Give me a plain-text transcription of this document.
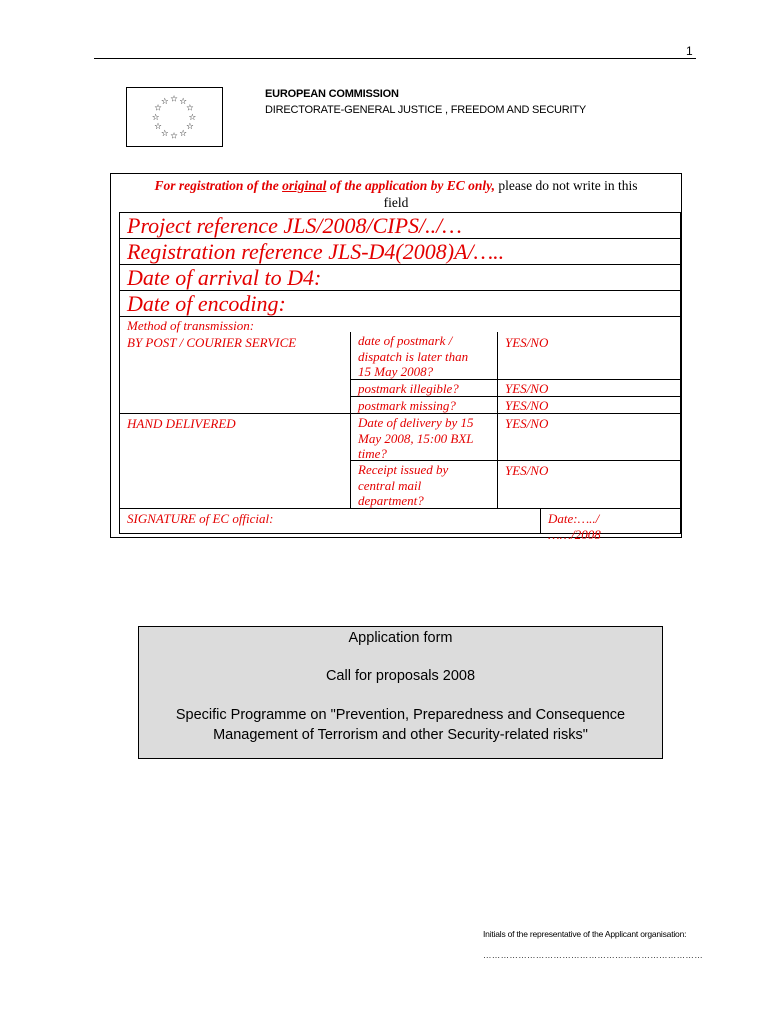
1
☆ ☆
☆
☆
☆
☆
☆
☆
☆
☆
☆
☆
EUROPEAN COMMISSION
DIRECTORATE-GENERAL JUSTICE , FREEDOM AND SECURITY
For registration of the original of the application by EC only, please do not write in this
field
Project reference JLS/2008/CIPS/../…
Registration reference JLS-D4(2008)A/…..
Date of arrival to D4:
Date of encoding:
Method of transmission:
BY POST / COURIER SERVICE
HAND DELIVERED
date of postmark /
dispatch is later than
15 May 2008?
postmark illegible?
postmark missing?
Date of delivery by 15
May 2008, 15:00 BXL
time?
Receipt issued by
central mail
department?
YES/NO
YES/NO
YES/NO
YES/NO
YES/NO
SIGNATURE of EC official:	Date:…../
……/2008
Application form
Call for proposals 2008
Specific Programme on "Prevention, Preparedness and Consequence
Management of Terrorism and other Security-related risks"
Initials of the representative of the Applicant organisation:
…………………………………………………………………
